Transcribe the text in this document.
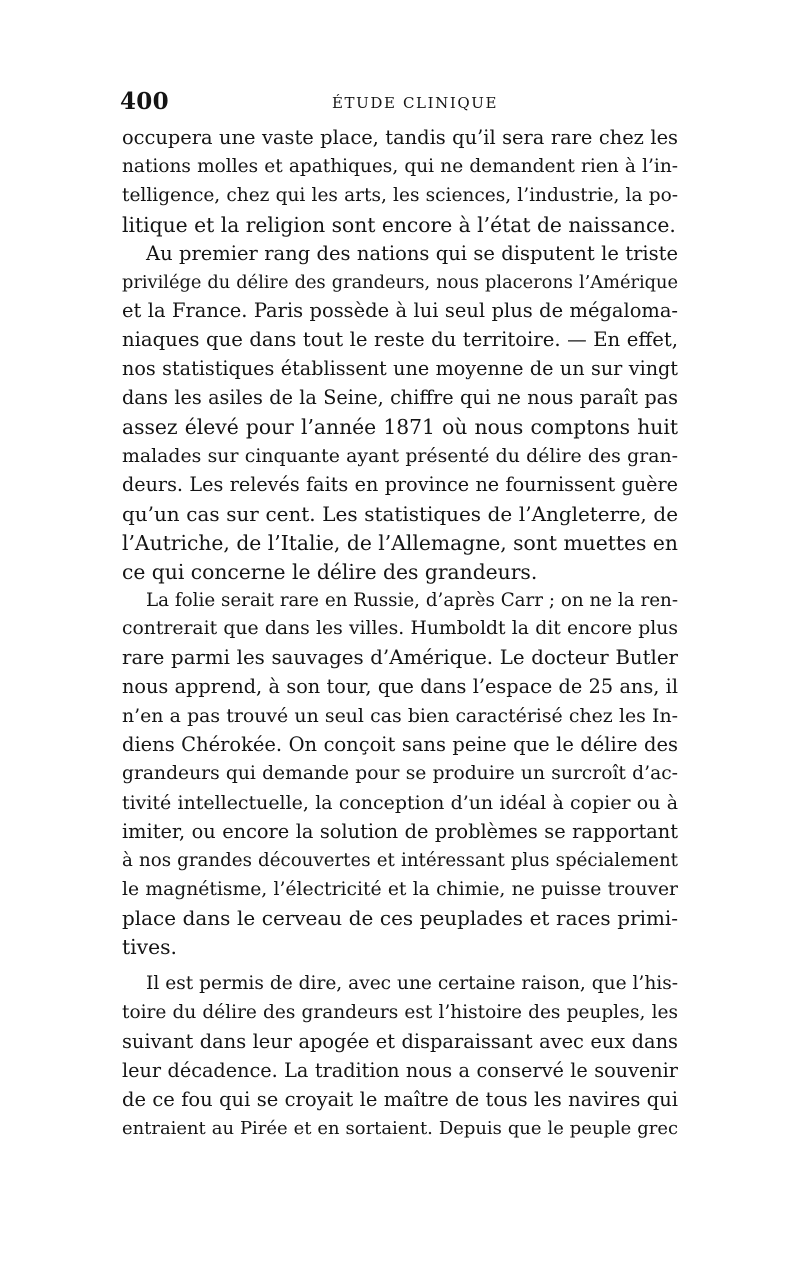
400	ÉTUDE CLINIQUE

occupera une vaste place, tandis qu’il sera rare chez les
nations molles et apathiques, qui ne demandent rien à l’in-
telligence, chez qui les arts, les sciences, l’industrie, la po-
litique et la religion sont encore à l’état de naissance.

Au premier rang des nations qui se disputent le triste
privilége du délire des grandeurs, nous placerons l’Amérique
et la France. Paris possède à lui seul plus de mégaloma-
niaques que dans tout le reste du territoire. — En effet,
nos statistiques établissent une moyenne de un sur vingt
dans les asiles de la Seine, chiffre qui ne nous paraît pas
assez élevé pour l’année 1871 où nous comptons huit
malades sur cinquante ayant présenté du délire des gran-
deurs. Les relevés faits en province ne fournissent guère
qu’un cas sur cent. Les statistiques de l’Angleterre, de
l’Autriche, de l’Italie, de l’Allemagne, sont muettes en
ce qui concerne le délire des grandeurs.

La folie serait rare en Russie, d’après Carr ; on ne la ren-
contrerait que dans les villes. Humboldt la dit encore plus
rare parmi les sauvages d’Amérique. Le docteur Butler
nous apprend, à son tour, que dans l’espace de 25 ans, il
n’en a pas trouvé un seul cas bien caractérisé chez les In-
diens Chérokée. On conçoit sans peine que le délire des
grandeurs qui demande pour se produire un surcroît d’ac-
tivité intellectuelle, la conception d’un idéal à copier ou à
imiter, ou encore la solution de problèmes se rapportant
à nos grandes découvertes et intéressant plus spécialement
le magnétisme, l’électricité et la chimie, ne puisse trouver
place dans le cerveau de ces peuplades et races primi-
tives.

Il est permis de dire, avec une certaine raison, que l’his-
toire du délire des grandeurs est l’histoire des peuples, les
suivant dans leur apogée et disparaissant avec eux dans
leur décadence. La tradition nous a conservé le souvenir
de ce fou qui se croyait le maître de tous les navires qui
entraient au Pirée et en sortaient. Depuis que le peuple grec
